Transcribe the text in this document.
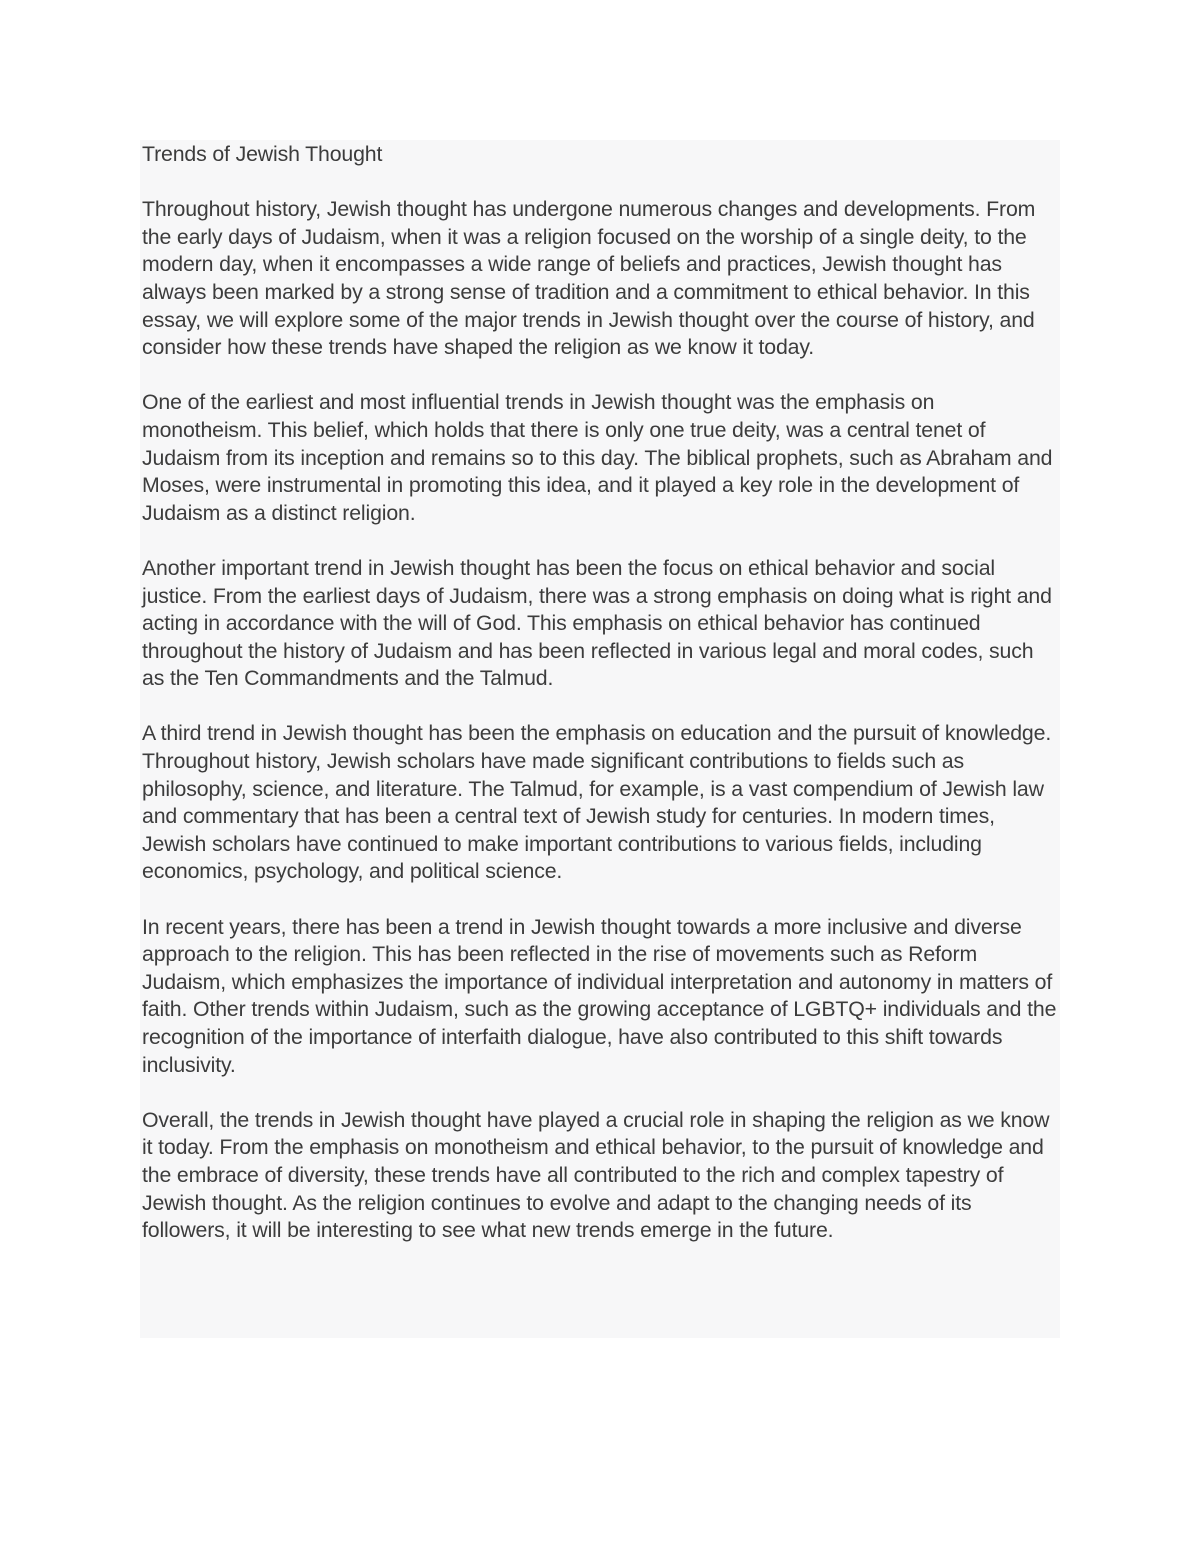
Trends of Jewish Thought

Throughout history, Jewish thought has undergone numerous changes and developments. From the early days of Judaism, when it was a religion focused on the worship of a single deity, to the modern day, when it encompasses a wide range of beliefs and practices, Jewish thought has always been marked by a strong sense of tradition and a commitment to ethical behavior. In this essay, we will explore some of the major trends in Jewish thought over the course of history, and consider how these trends have shaped the religion as we know it today.

One of the earliest and most influential trends in Jewish thought was the emphasis on monotheism. This belief, which holds that there is only one true deity, was a central tenet of Judaism from its inception and remains so to this day. The biblical prophets, such as Abraham and Moses, were instrumental in promoting this idea, and it played a key role in the development of Judaism as a distinct religion.

Another important trend in Jewish thought has been the focus on ethical behavior and social justice. From the earliest days of Judaism, there was a strong emphasis on doing what is right and acting in accordance with the will of God. This emphasis on ethical behavior has continued throughout the history of Judaism and has been reflected in various legal and moral codes, such as the Ten Commandments and the Talmud.

A third trend in Jewish thought has been the emphasis on education and the pursuit of knowledge. Throughout history, Jewish scholars have made significant contributions to fields such as philosophy, science, and literature. The Talmud, for example, is a vast compendium of Jewish law and commentary that has been a central text of Jewish study for centuries. In modern times, Jewish scholars have continued to make important contributions to various fields, including economics, psychology, and political science.

In recent years, there has been a trend in Jewish thought towards a more inclusive and diverse approach to the religion. This has been reflected in the rise of movements such as Reform Judaism, which emphasizes the importance of individual interpretation and autonomy in matters of faith. Other trends within Judaism, such as the growing acceptance of LGBTQ+ individuals and the recognition of the importance of interfaith dialogue, have also contributed to this shift towards inclusivity.

Overall, the trends in Jewish thought have played a crucial role in shaping the religion as we know it today. From the emphasis on monotheism and ethical behavior, to the pursuit of knowledge and the embrace of diversity, these trends have all contributed to the rich and complex tapestry of Jewish thought. As the religion continues to evolve and adapt to the changing needs of its followers, it will be interesting to see what new trends emerge in the future.
